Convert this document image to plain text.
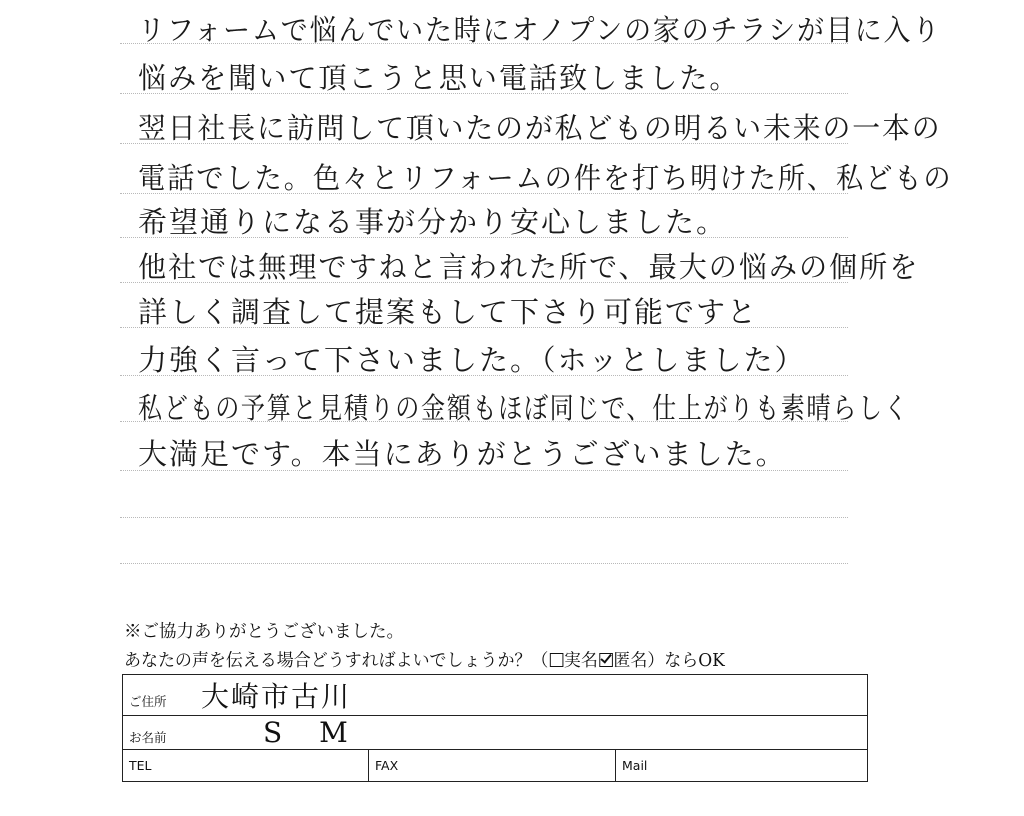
リフォームで悩んでいた時にオノプンの家のチラシが目に入り
悩みを聞いて頂こうと思い電話致しました。
翌日社長に訪問して頂いたのが私どもの明るい未来の一本の
電話でした。色々とリフォームの件を打ち明けた所、私どもの
希望通りになる事が分かり安心しました。
他社では無理ですねと言われた所で、最大の悩みの個所を
詳しく調査して提案もして下さり可能ですと
力強く言って下さいました。（ホッとしました）
私どもの予算と見積りの金額もほぼ同じで、仕上がりも素晴らしく
大満足です。本当にありがとうございました。
※ご協力ありがとうございました。
あなたの声を伝える場合どうすればよいでしょうか？（ 実名 匿名）ならOK
ご住所 大崎市古川
お名前	S M
TEL	FAX	Mail
